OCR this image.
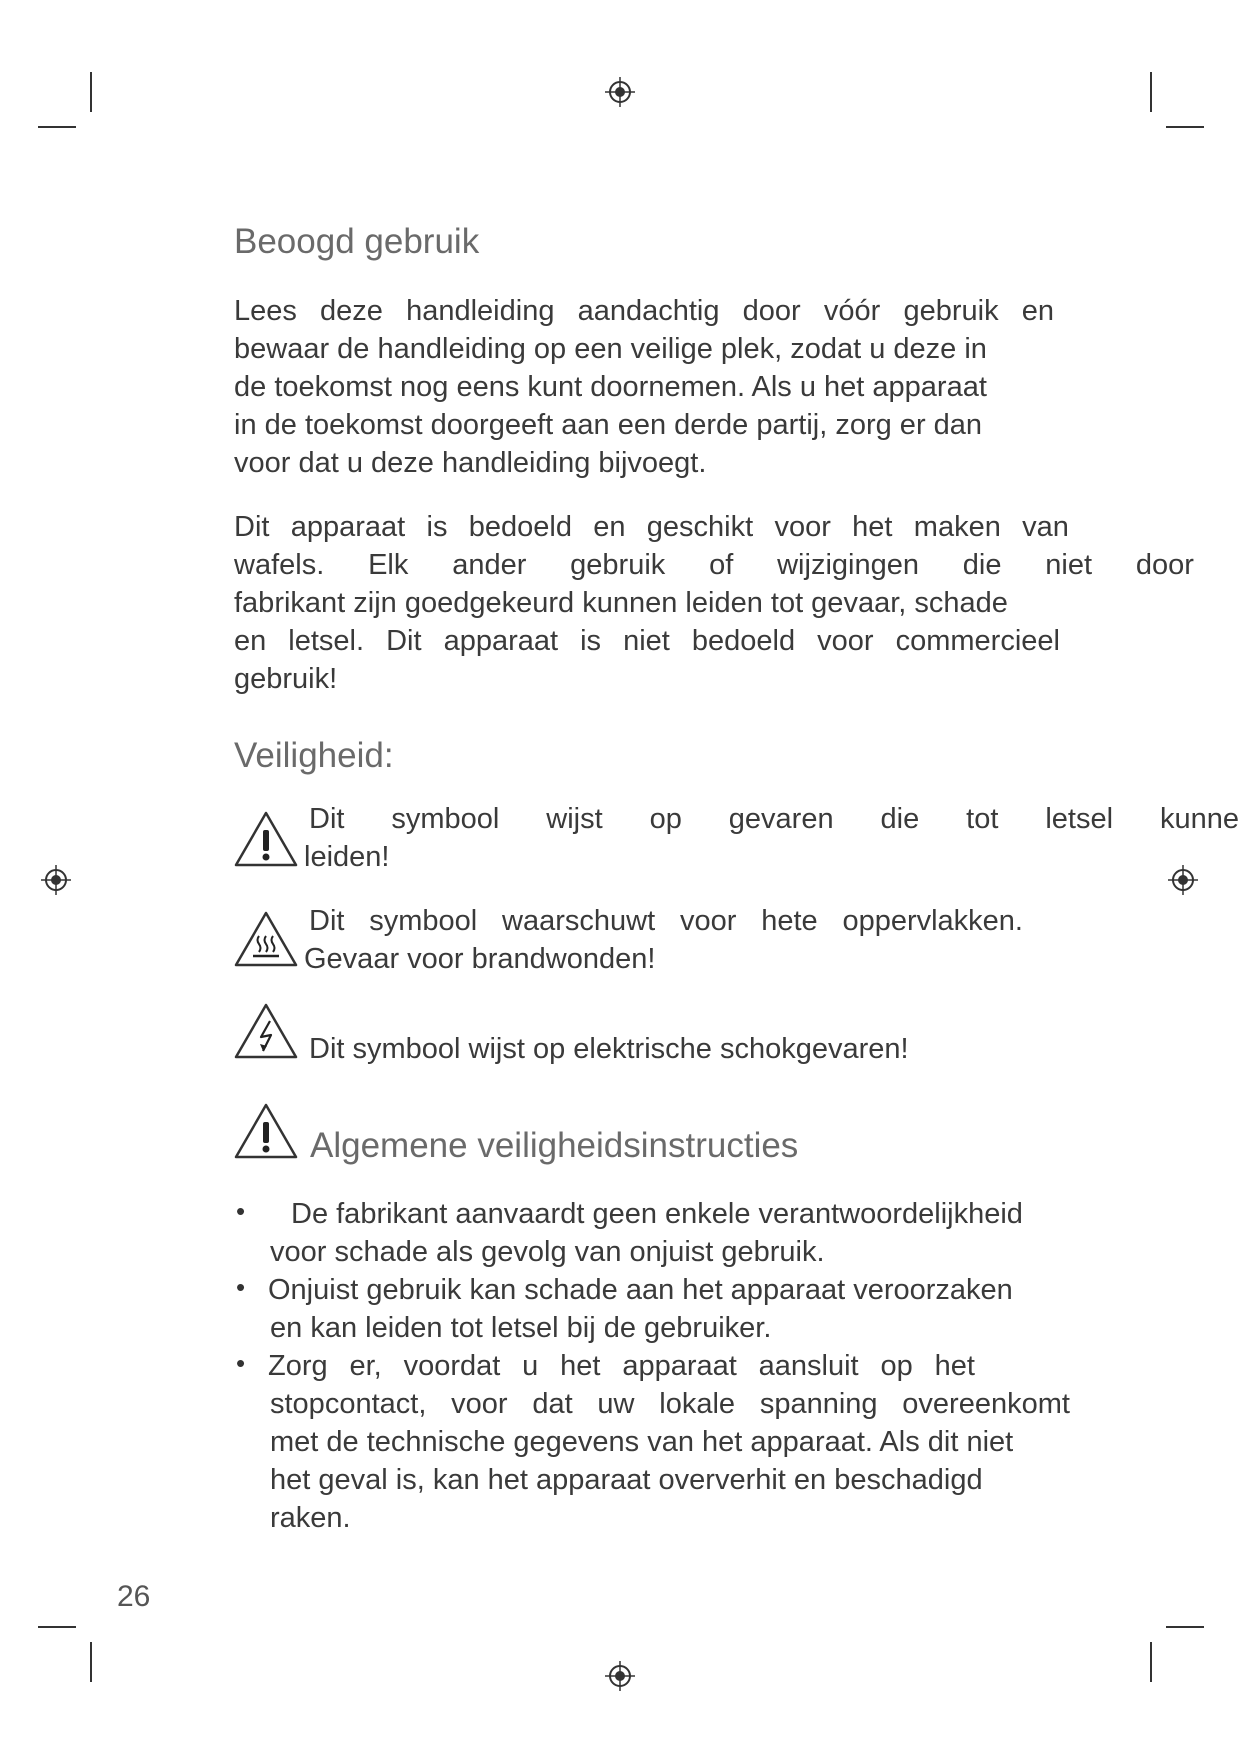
Beoogd gebruik
Lees deze handleiding aandachtig door vóór gebruik en
bewaar de handleiding op een veilige plek, zodat u deze in
de toekomst nog eens kunt doornemen. Als u het apparaat
in de toekomst doorgeeft aan een derde partij, zorg er dan
voor dat u deze handleiding bijvoegt.
Dit apparaat is bedoeld en geschikt voor het maken van
wafels. Elk ander gebruik of wijzigingen die niet door
fabrikant zijn goedgekeurd kunnen leiden tot gevaar, schade
en letsel. Dit apparaat is niet bedoeld voor commercieel
gebruik!
Veiligheid:
Dit symbool wijst op gevaren die tot letsel kunne
leiden!
Dit symbool waarschuwt voor hete oppervlakken.
Gevaar voor brandwonden!
Dit symbool wijst op elektrische schokgevaren!
Algemene veiligheidsinstructies
• De fabrikant aanvaardt geen enkele verantwoordelijkheid
voor schade als gevolg van onjuist gebruik.
• Onjuist gebruik kan schade aan het apparaat veroorzaken
en kan leiden tot letsel bij de gebruiker.
• Zorg er, voordat u het apparaat aansluit op het
stopcontact, voor dat uw lokale spanning overeenkomt
met de technische gegevens van het apparaat. Als dit niet
het geval is, kan het apparaat oververhit en beschadigd
raken.
26
